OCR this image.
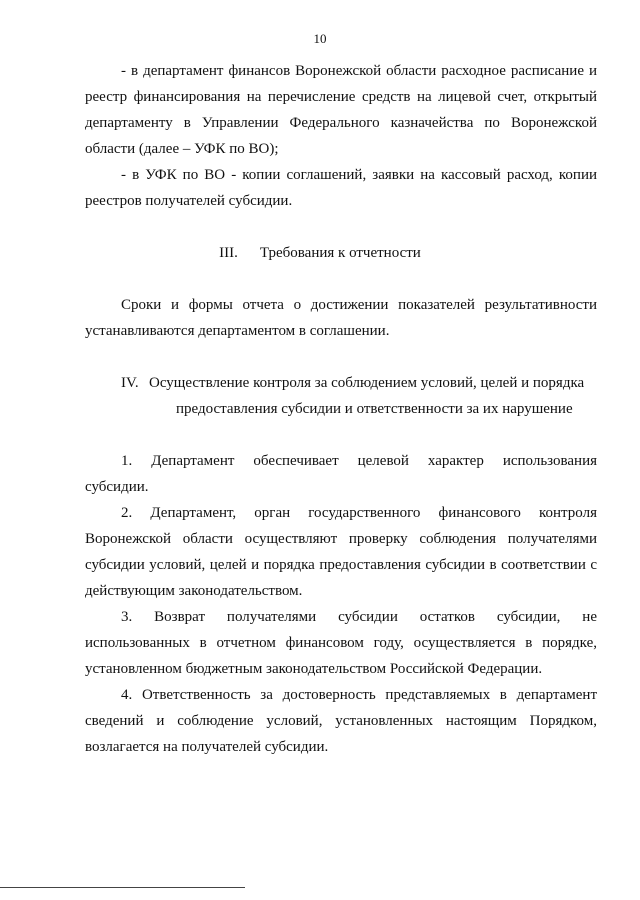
10
- в департамент финансов Воронежской области расходное расписание и
реестр финансирования на перечисление средств на лицевой счет, открытый
департаменту в Управлении Федерального казначейства по Воронежской
области (далее – УФК по ВО);
- в УФК по ВО - копии соглашений, заявки на кассовый расход, копии
реестров получателей субсидии.
III. Требования к отчетности
Сроки и формы отчета о достижении показателей результативности
устанавливаются департаментом в соглашении.
IV. Осуществление контроля за соблюдением условий, целей и порядка
предоставления субсидии и ответственности за их нарушение
1. Департамент обеспечивает целевой характер использования
субсидии.
2. Департамент, орган государственного финансового контроля
Воронежской области осуществляют проверку соблюдения получателями
субсидии условий, целей и порядка предоставления субсидии в соответствии с
действующим законодательством.
3. Возврат получателями субсидии остатков субсидии, не
использованных в отчетном финансовом году, осуществляется в порядке,
установленном бюджетным законодательством Российской Федерации.
4. Ответственность за достоверность представляемых в департамент
сведений и соблюдение условий, установленных настоящим Порядком,
возлагается на получателей субсидии.
